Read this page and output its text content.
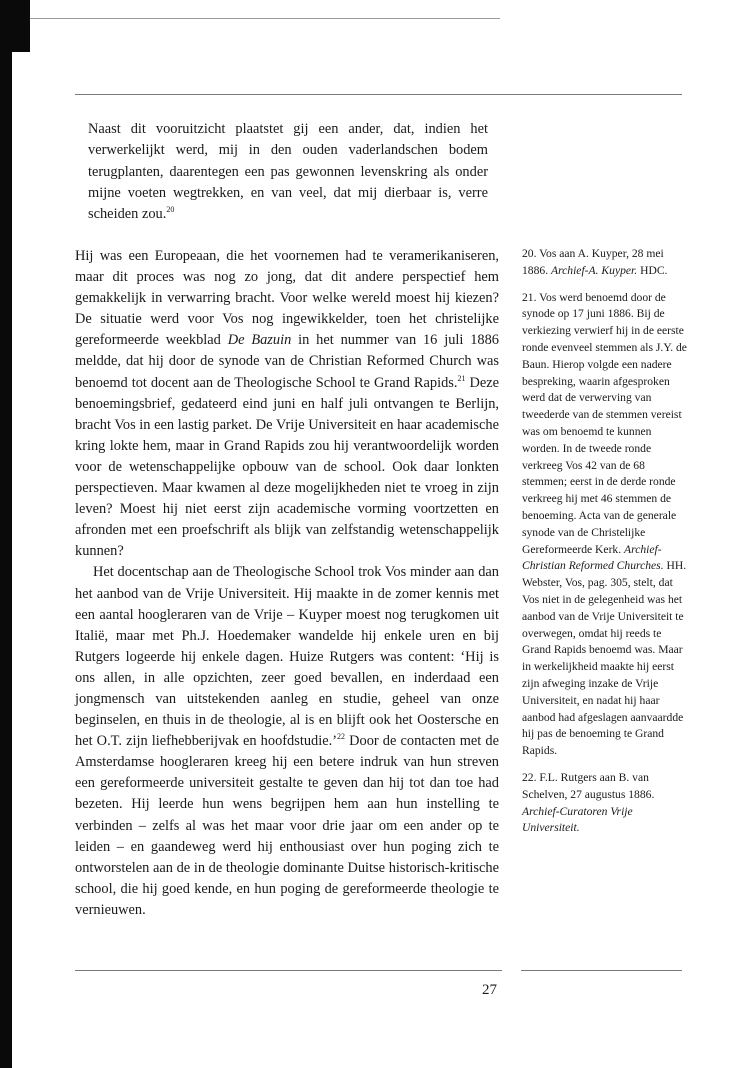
Naast dit vooruitzicht plaatstet gij een ander, dat, indien het verwerkelijkt werd, mij in den ouden vaderlandschen bodem terugplanten, daarentegen een pas gewonnen levenskring als onder mijne voeten wegtrekken, en van veel, dat mij dierbaar is, verre scheiden zou.$^{20}$

Hij was een Europeaan, die het voornemen had te veramerikaniseren, maar dit proces was nog zo jong, dat dit andere perspectief hem gemakkelijk in verwarring bracht. Voor welke wereld moest hij kiezen? De situatie werd voor Vos nog ingewikkelder, toen het christelijke gereformeerde weekblad De Bazuin in het nummer van 16 juli 1886 meldde, dat hij door de synode van de Christian Reformed Church was benoemd tot docent aan de Theologische School te Grand Rapids.$^{21}$ Deze benoemingsbrief, gedateerd eind juni en half juli ontvangen te Berlijn, bracht Vos in een lastig parket. De Vrije Universiteit en haar academische kring lokte hem, maar in Grand Rapids zou hij verantwoordelijk worden voor de wetenschappelijke opbouw van de school. Ook daar lonkten perspectieven. Maar kwamen al deze mogelijkheden niet te vroeg in zijn leven? Moest hij niet eerst zijn academische vorming voortzetten en afronden met een proefschrift als blijk van zelfstandig wetenschappelijk kunnen?

Het docentschap aan de Theologische School trok Vos minder aan dan het aanbod van de Vrije Universiteit. Hij maakte in de zomer kennis met een aantal hoogleraren van de Vrije – Kuyper moest nog terugkomen uit Italië, maar met Ph.J. Hoedemaker wandelde hij enkele uren en bij Rutgers logeerde hij enkele dagen. Huize Rutgers was content: ‘Hij is ons allen, in alle opzichten, zeer goed bevallen, en inderdaad een jongmensch van uitstekenden aanleg en studie, geheel van onze beginselen, en thuis in de theologie, al is en blijft ook het Oostersche en het O.T. zijn liefhebberijvak en hoofdstudie.’$^{22}$ Door de contacten met de Amsterdamse hoogleraren kreeg hij een betere indruk van hun streven een gereformeerde universiteit gestalte te geven dan hij tot dan toe had bezeten. Hij leerde hun wens begrijpen hem aan hun instelling te verbinden – zelfs al was het maar voor drie jaar om een ander op te leiden – en gaandeweg werd hij enthousiast over hun poging zich te ontworstelen aan de in de theologie dominante Duitse historisch-kritische school, die hij goed kende, en hun poging de gereformeerde theologie te vernieuwen.

20. Vos aan A. Kuyper, 28 mei 1886. Archief-A. Kuyper. HDC.

21. Vos werd benoemd door de synode op 17 juni 1886. Bij de verkiezing verwierf hij in de eerste ronde evenveel stemmen als J.Y. de Baun. Hierop volgde een nadere bespreking, waarin afgesproken werd dat de verwerving van tweederde van de stemmen vereist was om benoemd te kunnen worden. In de tweede ronde verkreeg Vos 42 van de 68 stemmen; eerst in de derde ronde verkreeg hij met 46 stemmen de benoeming. Acta van de generale synode van de Christelijke Gereformeerde Kerk. Archief-Christian Reformed Churches. HH. Webster, Vos, pag. 305, stelt, dat Vos niet in de gelegenheid was het aanbod van de Vrije Universiteit te overwegen, omdat hij reeds te Grand Rapids benoemd was. Maar in werkelijkheid maakte hij eerst zijn afweging inzake de Vrije Universiteit, en nadat hij haar aanbod had afgeslagen aanvaardde hij pas de benoeming te Grand Rapids.

22. F.L. Rutgers aan B. van Schelven, 27 augustus 1886. Archief-Curatoren Vrije Universiteit.

27
